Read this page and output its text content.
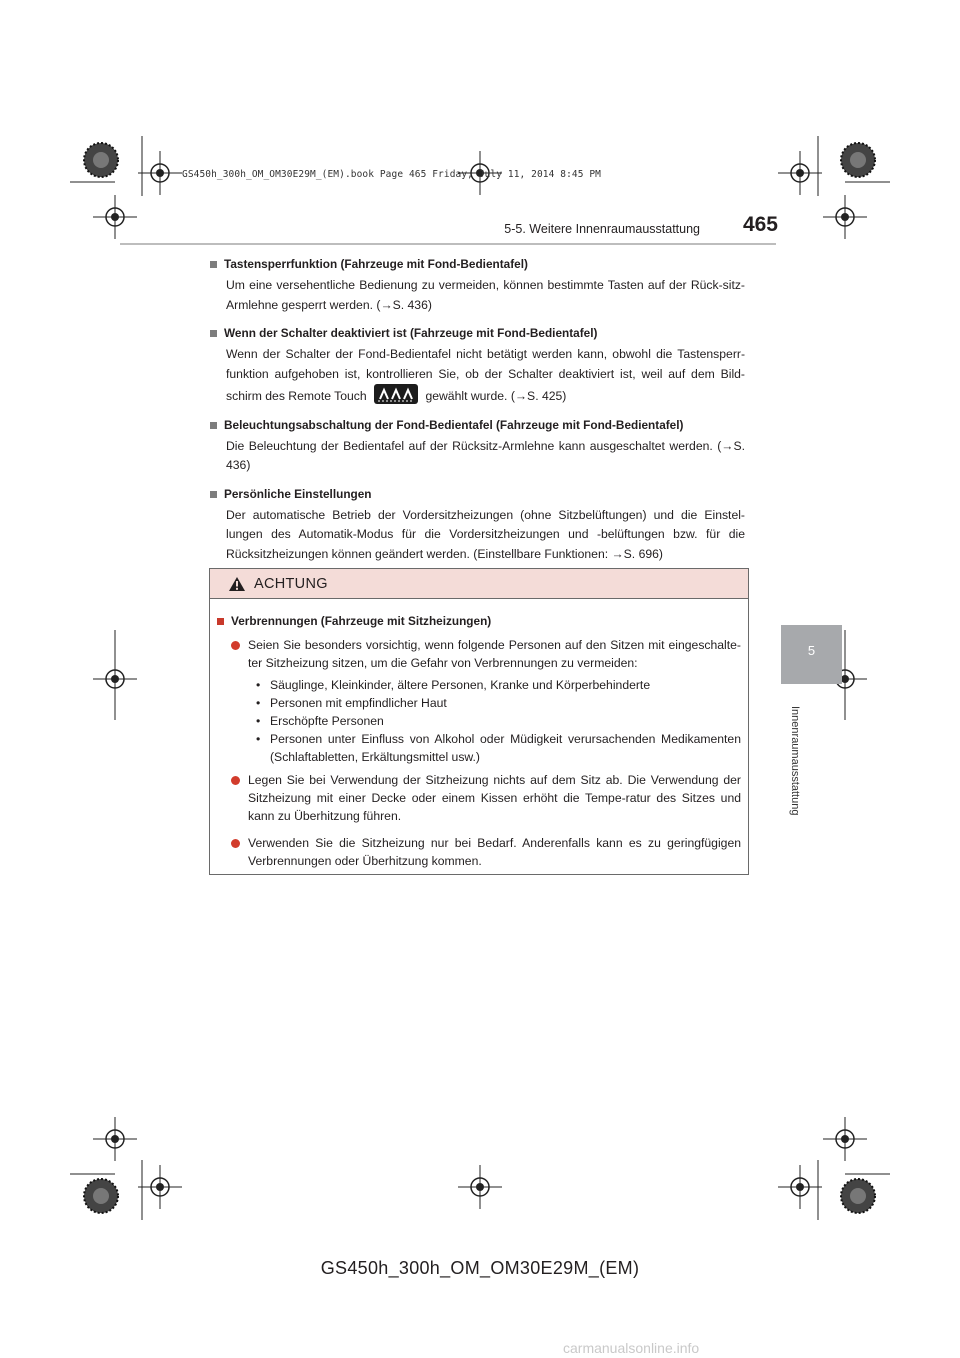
GS450h_300h_OM_OM30E29M_(EM).book Page 465 Friday, July 11, 2014 8:45 PM
5-5. Weitere Innenraumausstattung	465
5
Innenraumausstattung
Tastensperrfunktion (Fahrzeuge mit Fond-Bedientafel)
Um eine versehentliche Bedienung zu vermeiden, können bestimmte Tasten auf der Rück-sitz-Armlehne gesperrt werden. (→S. 436)
Wenn der Schalter deaktiviert ist (Fahrzeuge mit Fond-Bedientafel)
Wenn der Schalter der Fond-Bedientafel nicht betätigt werden kann, obwohl die Tastensperr-funktion aufgehoben ist, kontrollieren Sie, ob der Schalter deaktiviert ist, weil auf dem Bild-schirm des Remote Touch	gewählt wurde. (→S. 425)
Beleuchtungsabschaltung der Fond-Bedientafel (Fahrzeuge mit Fond-Bedientafel)
Die Beleuchtung der Bedientafel auf der Rücksitz-Armlehne kann ausgeschaltet werden. (→S. 436)
Persönliche Einstellungen
Der automatische Betrieb der Vordersitzheizungen (ohne Sitzbelüftungen) und die Einstel-lungen des Automatik-Modus für die Vordersitzheizungen und -belüftungen bzw. für die Rücksitzheizungen können geändert werden. (Einstellbare Funktionen: →S. 696)
ACHTUNG
Verbrennungen (Fahrzeuge mit Sitzheizungen)
Seien Sie besonders vorsichtig, wenn folgende Personen auf den Sitzen mit eingeschalte-ter Sitzheizung sitzen, um die Gefahr von Verbrennungen zu vermeiden:
• Säuglinge, Kleinkinder, ältere Personen, Kranke und Körperbehinderte
• Personen mit empfindlicher Haut
• Erschöpfte Personen
• Personen unter Einfluss von Alkohol oder Müdigkeit verursachenden Medikamenten (Schlaftabletten, Erkältungsmittel usw.)
Legen Sie bei Verwendung der Sitzheizung nichts auf dem Sitz ab. Die Verwendung der Sitzheizung mit einer Decke oder einem Kissen erhöht die Tempe-ratur des Sitzes und kann zu Überhitzung führen.
Verwenden Sie die Sitzheizung nur bei Bedarf. Anderenfalls kann es zu geringfügigen Verbrennungen oder Überhitzung kommen.
GS450h_300h_OM_OM30E29M_(EM)
carmanualsonline.info
